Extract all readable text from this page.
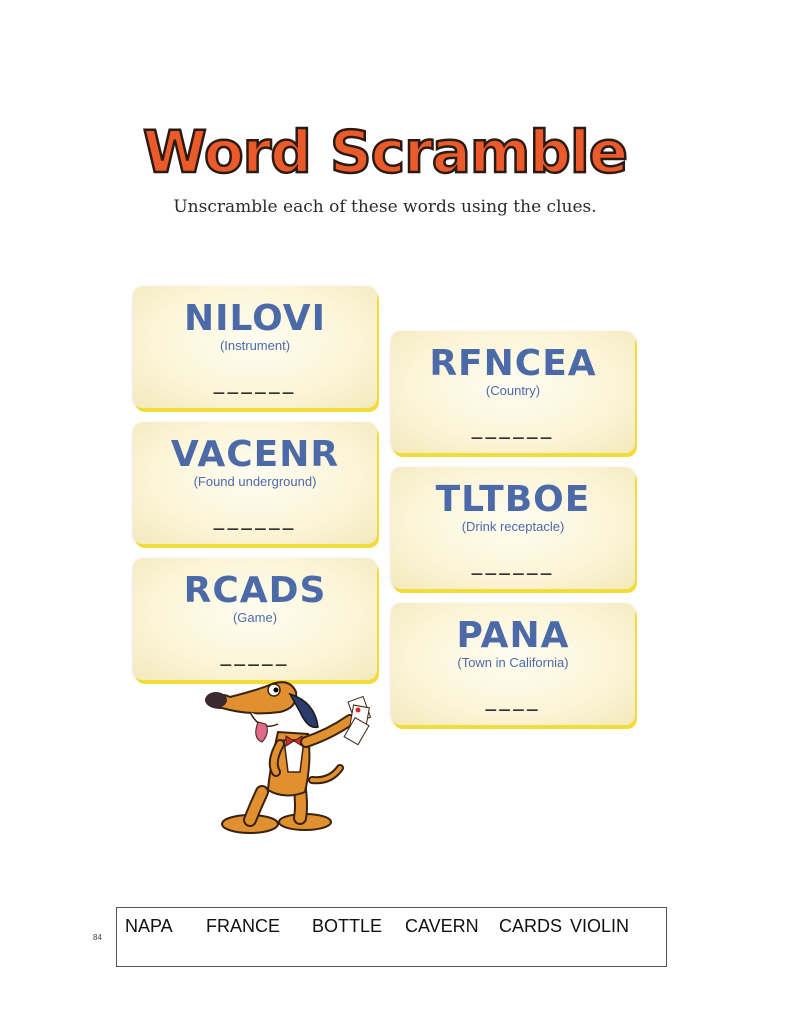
Word Scramble
Unscramble each of these words using the clues.
NILOVI
(Instrument)
______
VACENR
(Found underground)
______
RCADS
(Game)
_____
RFNCEA
(Country)
______
TLTBOE
(Drink receptacle)
______
PANA
(Town in California)
____
84
NAPA FRANCE BOTTLE CAVERN CARDS VIOLIN
